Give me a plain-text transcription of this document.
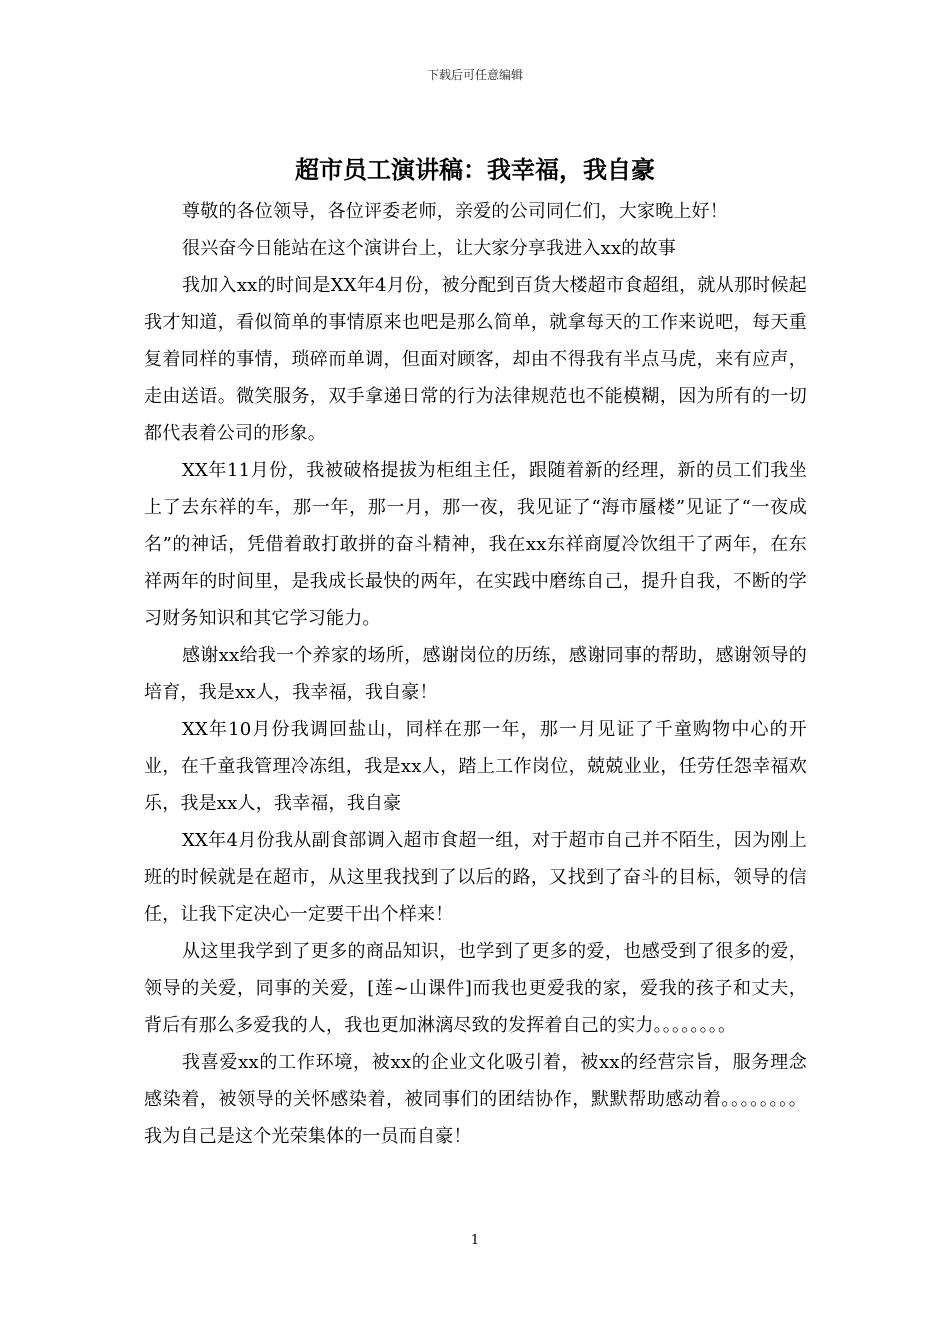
下载后可任意编辑
超市员工演讲稿：我幸福，我自豪

尊敬的各位领导，各位评委老师，亲爱的公司同仁们，大家晚上好！

很兴奋今日能站在这个演讲台上，让大家分享我进入xx的故事

我加入xx的时间是XX年4月份，被分配到百货大楼超市食超组，就从那时候起我才知道，看似简单的事情原来也吧是那么简单，就拿每天的工作来说吧，每天重复着同样的事情，琐碎而单调，但面对顾客，却由不得我有半点马虎，来有应声，走由送语。微笑服务，双手拿递日常的行为法律规范也不能模糊，因为所有的一切都代表着公司的形象。

XX年11月份，我被破格提拔为柜组主任，跟随着新的经理，新的员工们我坐上了去东祥的车，那一年，那一月，那一夜，我见证了“海市蜃楼”见证了“一夜成名”的神话，凭借着敢打敢拼的奋斗精神，我在xx东祥商厦冷饮组干了两年，在东祥两年的时间里，是我成长最快的两年，在实践中磨练自己，提升自我，不断的学习财务知识和其它学习能力。

感谢xx给我一个养家的场所，感谢岗位的历练，感谢同事的帮助，感谢领导的培育，我是xx人，我幸福，我自豪！

XX年10月份我调回盐山，同样在那一年，那一月见证了千童购物中心的开业，在千童我管理冷冻组，我是xx人，踏上工作岗位，兢兢业业，任劳任怨幸福欢乐，我是xx人，我幸福，我自豪

XX年4月份我从副食部调入超市食超一组，对于超市自己并不陌生，因为刚上班的时候就是在超市，从这里我找到了以后的路，又找到了奋斗的目标，领导的信任，让我下定决心一定要干出个样来！

从这里我学到了更多的商品知识，也学到了更多的爱，也感受到了很多的爱，领导的关爱，同事的关爱，[莲~山课件]而我也更爱我的家，爱我的孩子和丈夫，背后有那么多爱我的人，我也更加淋漓尽致的发挥着自己的实力。。。。。。。。

我喜爱xx的工作环境，被xx的企业文化吸引着，被xx的经营宗旨，服务理念感染着，被领导的关怀感染着，被同事们的团结协作，默默帮助感动着。。。。。。。。我为自己是这个光荣集体的一员而自豪！

1
